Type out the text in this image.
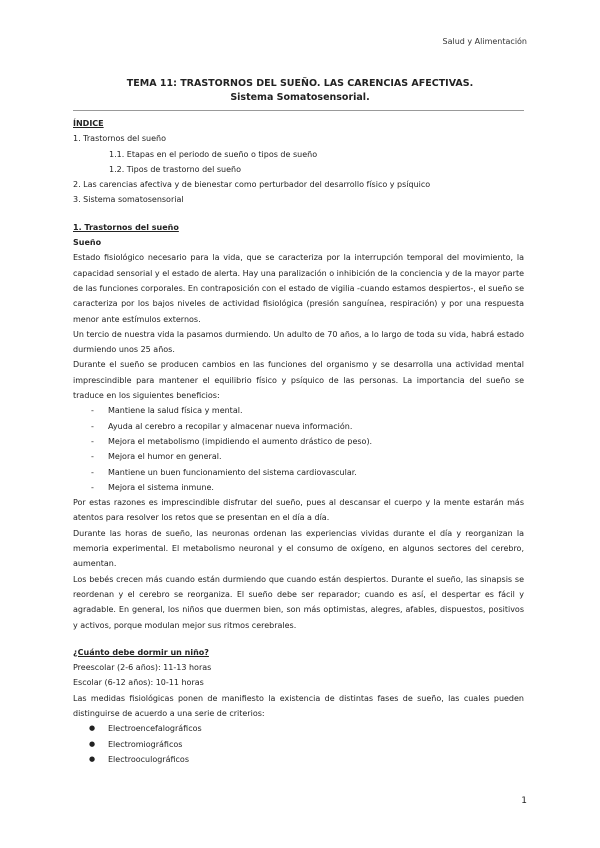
Salud y Alimentación
TEMA 11: TRASTORNOS DEL SUEÑO. LAS CARENCIAS AFECTIVAS.
Sistema Somatosensorial.

ÍNDICE

1. Trastornos del sueño

1.1. Etapas en el periodo de sueño o tipos de sueño

1.2. Tipos de trastorno del sueño

2. Las carencias afectiva y de bienestar como perturbador del desarrollo físico y psíquico

3. Sistema somatosensorial

1. Trastornos del sueño

Sueño

Estado fisiológico necesario para la vida, que se caracteriza por la interrupción temporal del movimiento, la capacidad sensorial y el estado de alerta. Hay una paralización o inhibición de la conciencia y de la mayor parte de las funciones corporales. En contraposición con el estado de vigilia -cuando estamos despiertos-, el sueño se caracteriza por los bajos niveles de actividad fisiológica (presión sanguínea, respiración) y por una respuesta menor ante estímulos externos.

Un tercio de nuestra vida la pasamos durmiendo. Un adulto de 70 años, a lo largo de toda su vida, habrá estado durmiendo unos 25 años.

Durante el sueño se producen cambios en las funciones del organismo y se desarrolla una actividad mental imprescindible para mantener el equilibrio físico y psíquico de las personas. La importancia del sueño se traduce en los siguientes beneficios:

- Mantiene la salud física y mental.
- Ayuda al cerebro a recopilar y almacenar nueva información.
- Mejora el metabolismo (impidiendo el aumento drástico de peso).
- Mejora el humor en general.
- Mantiene un buen funcionamiento del sistema cardiovascular.
- Mejora el sistema inmune.

Por estas razones es imprescindible disfrutar del sueño, pues al descansar el cuerpo y la mente estarán más atentos para resolver los retos que se presentan en el día a día.

Durante las horas de sueño, las neuronas ordenan las experiencias vividas durante el día y reorganizan la memoria experimental. El metabolismo neuronal y el consumo de oxígeno, en algunos sectores del cerebro, aumentan.

Los bebés crecen más cuando están durmiendo que cuando están despiertos. Durante el sueño, las sinapsis se reordenan y el cerebro se reorganiza. El sueño debe ser reparador; cuando es así, el despertar es fácil y agradable. En general, los niños que duermen bien, son más optimistas, alegres, afables, dispuestos, positivos y activos, porque modulan mejor sus ritmos cerebrales.

¿Cuánto debe dormir un niño?

Preescolar (2-6 años): 11-13 horas

Escolar (6-12 años): 10-11 horas

Las medidas fisiológicas ponen de manifiesto la existencia de distintas fases de sueño, las cuales pueden distinguirse de acuerdo a una serie de criterios:

● Electroencefalográficos
● Electromiográficos
● Electrooculográficos
1
